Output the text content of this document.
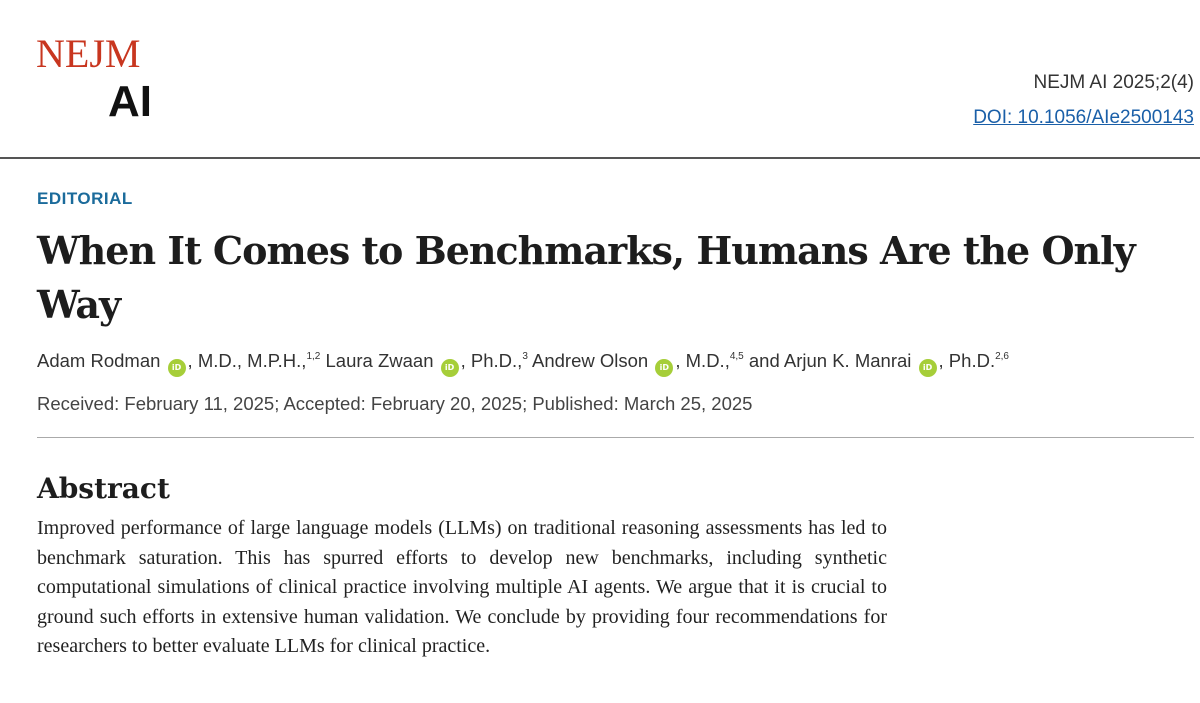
NEJM
AI	NEJM AI 2025;2(4)
DOI: 10.1056/AIe2500143
EDITORIAL
When It Comes to Benchmarks, Humans Are the Only Way
Adam Rodman iD , M.D., M.P.H.,$^{1,2}$ Laura Zwaan iD , Ph.D.,$^3$ Andrew Olson iD , M.D.,$^{4,5}$ and Arjun K. Manrai iD , Ph.D.$^{2,6}$
Received: February 11, 2025; Accepted: February 20, 2025; Published: March 25, 2025
Abstract

Improved performance of large language models (LLMs) on traditional reasoning assessments has led to benchmark saturation. This has spurred efforts to develop new benchmarks, including synthetic computational simulations of clinical practice involving multiple AI agents. We argue that it is crucial to ground such efforts in extensive human validation. We conclude by providing four recommendations for researchers to better evaluate LLMs for clinical practice.
